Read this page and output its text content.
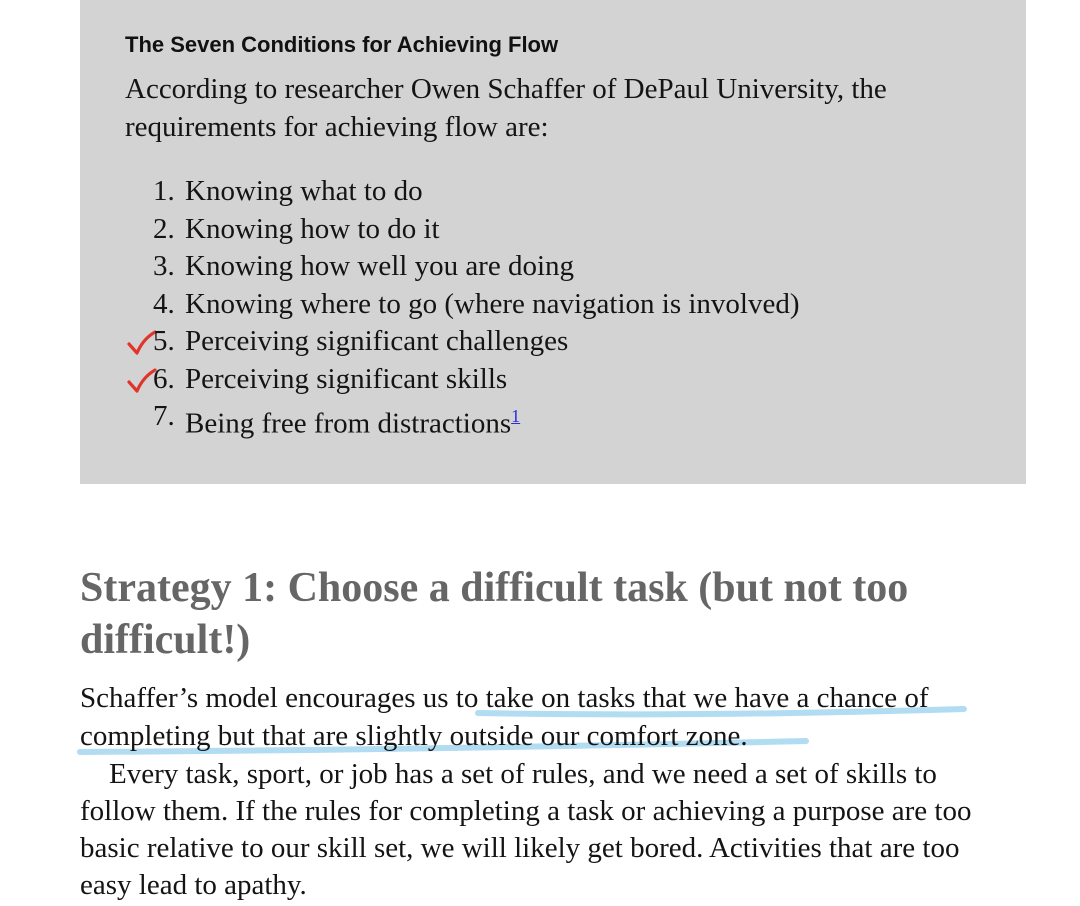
The Seven Conditions for Achieving Flow

According to researcher Owen Schaffer of DePaul University, the requirements for achieving flow are:

1. Knowing what to do
2. Knowing how to do it
3. Knowing how well you are doing
4. Knowing where to go (where navigation is involved)
5. Perceiving significant challenges
6. Perceiving significant skills
7. Being free from distractions$^1$
Strategy 1: Choose a difficult task (but not too difficult!)

Schaffer’s model encourages us to take on tasks that we have a chance of

completing but that are slightly outside our comfort zone.

Every task, sport, or job has a set of rules, and we need a set of skills to

follow them. If the rules for completing a task or achieving a purpose are too

basic relative to our skill set, we will likely get bored. Activities that are too

easy lead to apathy.
